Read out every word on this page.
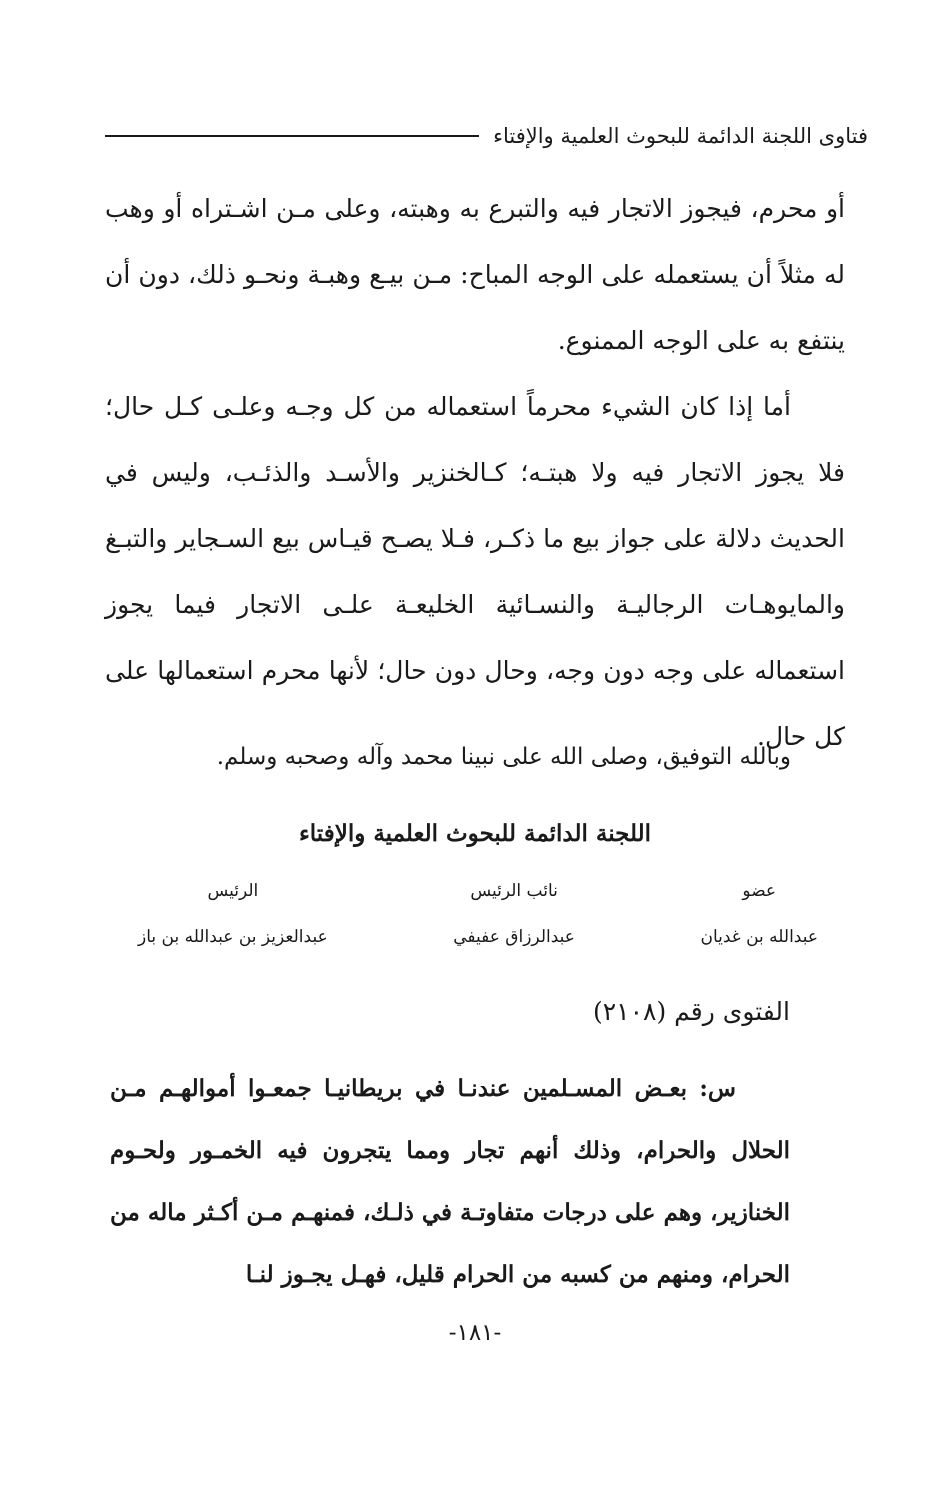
فتاوى اللجنة الدائمة للبحوث العلمية والإفتاء

أو محرم، فيجوز الاتجار فيه والتبرع به وهبته، وعلى مـن اشـتراه أو وهب له مثلاً أن يستعمله على الوجه المباح: مـن بيـع وهبـة ونحـو ذلك، دون أن ينتفع به على الوجه الممنوع.

أما إذا كان الشيء محرماً استعماله من كل وجـه وعلـى كـل حال؛ فلا يجوز الاتجار فيه ولا هبتـه؛ كـالخنزير والأسـد والذئـب، وليس في الحديث دلالة على جواز بيع ما ذكـر، فـلا يصـح قيـاس بيع السـجاير والتبـغ والمايوهـات الرجاليـة والنسـائية الخليعـة علـى الاتجار فيما يجوز استعماله على وجه دون وجه، وحال دون حال؛ لأنها محرم استعمالها على كل حال.

وبالله التوفيق، وصلى الله على نبينا محمد وآله وصحبه وسلم.
اللجنة الدائمة للبحوث العلمية والإفتاء
عضو
عبدالله بن غديان
نائب الرئيس
عبدالرزاق عفيفي
الرئيس
عبدالعزيز بن عبدالله بن باز
الفتوى رقم (٢١٠٨)
س: بعـض المسـلمين عندنـا في بريطانيـا جمعـوا أموالهـم مـن الحلال والحرام، وذلك أنهم تجار ومما يتجرون فيه الخمـور ولحـوم الخنازير، وهم على درجات متفاوتـة في ذلـك، فمنهـم مـن أكـثر ماله من الحرام، ومنهم من كسبه من الحرام قليل، فهـل يجـوز لنـا
-١٨١-
